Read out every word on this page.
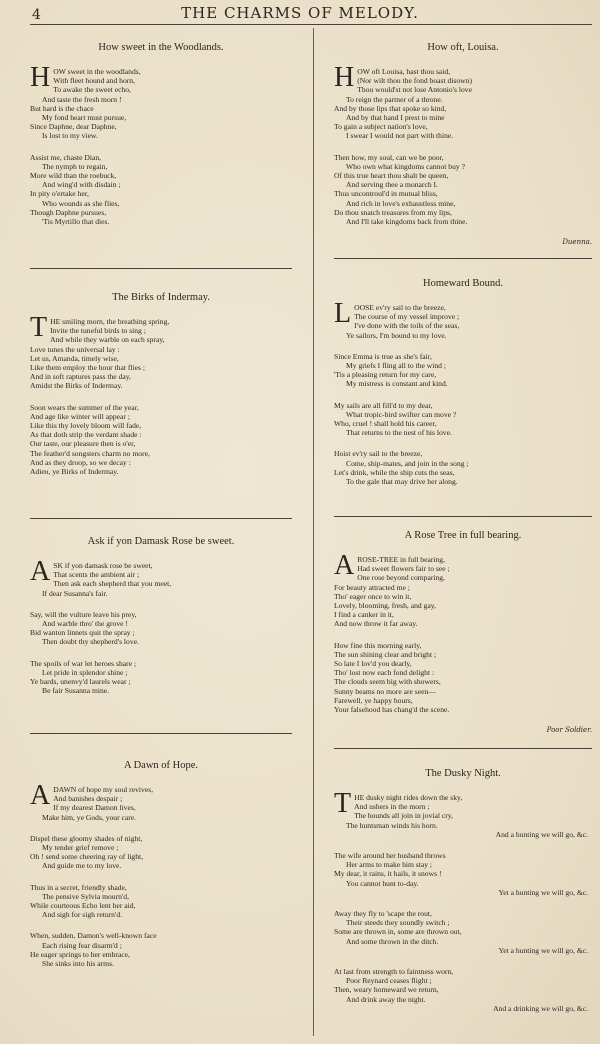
4	THE CHARMS OF MELODY.
How sweet in the Woodlands.
H OW sweet in the woodlands,
With fleet hound and horn,
To awake the sweet echo,
And taste the fresh morn !
But hard is the chace
My fond heart must pursue,
Since Daphne, dear Daphne,
Is lost to my view.
Assist me, chaste Dian,
The nymph to regain,
More wild than the roebuck,
And wing'd with disdain ;
In pity o'ertake her,
Who wounds as she flies,
Though Daphne pursues,
'Tis Myrtillo that dies.
The Birks of Indermay.
T HE smiling morn, the breathing spring,
Invite the tuneful birds to sing ;
And while they warble on each spray,
Love tunes the universal lay :
Let us, Amanda, timely wise,
Like them employ the hour that flies ;
And in soft raptures pass the day,
Amidst the Birks of Indermay.
Soon wears the summer of the year,
And age like winter will appear ;
Like this thy lovely bloom will fade,
As that doth strip the verdant shade :
Our taste, our pleasure then is o'er,
The feather'd songsters charm no more,
And as they droop, so we decay :
Adieu, ye Birks of Indermay.
Ask if yon Damask Rose be sweet.
A SK if yon damask rose be sweet,
That scents the ambient air ;
Then ask each shepherd that you meet,
If dear Susanna's fair.
Say, will the vulture leave his prey,
And warble thro' the grove !
Bid wanton linnets quit the spray ;
Then doubt thy shepherd's love.
The spoils of war let heroes share ;
Let pride in splendor shine ;
Ye bards, unenvy'd laurels wear ;
Be fair Susanna mine.
A Dawn of Hope.
A DAWN of hope my soul revives,
And banishes despair ;
If my dearest Damon lives,
Make him, ye Gods, your care.
Dispel these gloomy shades of night,
My tender grief remove ;
Oh ! send some cheering ray of light,
And guide me to my love.
Thus in a secret, friendly shade,
The pensive Sylvia mourn'd,
While courteous Echo lent her aid,
And sigh for sigh return'd.
When, sudden, Damon's well-known face
Each rising fear disarm'd ;
He eager springs to her embrace,
She sinks into his arms.
How oft, Louisa.
H OW oft Louisa, hast thou said,
(Nor wilt thou the fond boast disown)
Thou would'st not lose Antonio's love
To reign the partner of a throne.
And by those lips that spoke so kind,
And by that hand I prest to mine
To gain a subject nation's love,
I swear I would not part with thine.
Then how, my soul, can we be poor,
Who own what kingdoms cannot buy ?
Of this true heart thou shalt be queen,
And serving thee a monarch I.
Thus uncontroul'd in mutual bliss,
And rich in love's exhaustless mine,
Do thou snatch treasures from my lips,
And I'll take kingdoms back from thine.
Duenna.
Homeward Bound.
L OOSE ev'ry sail to the breeze,
The course of my vessel improve ;
I've done with the toils of the seas,
Ye sailors, I'm bound to my love.
Since Emma is true as she's fair,
My griefs I fling all to the wind ;
'Tis a pleasing return for my care,
My mistress is constant and kind.
My sails are all fill'd to my dear,
What tropic-bird swifter can move ?
Who, cruel ! shall hold his career,
That returns to the nest of his love.
Hoist ev'ry sail to the breeze,
Come, ship-mates, and join in the song ;
Let's drink, while the ship cuts the seas,
To the gale that may drive her along.
A Rose Tree in full bearing.
A ROSE-TREE in full bearing,
Had sweet flowers fair to see ;
One rose beyond comparing,
For beauty attracted me ;
Tho' eager once to win it,
Lovely, blooming, fresh, and gay,
I find a canker in it,
And now throw it far away.
How fine this morning early,
The sun shining clear and bright ;
So late I lov'd you dearly,
Tho' lost now each fond delight :
The clouds seem big with showers,
Sunny beams no more are seen—
Farewell, ye happy hours,
Your falsehood has chang'd the scene.
Poor Soldier.
The Dusky Night.
T HE dusky night rides down the sky,
And ushers in the morn ;
The hounds all join in jovial cry,
The huntsman winds his horn.
And a hunting we will go, &c.
The wife around her husband throws
Her arms to make him stay ;
My dear, it rains, it hails, it snows !
You cannot hunt to-day.
Yet a hunting we will go, &c.
Away they fly to 'scape the rout,
Their steeds they soundly switch ;
Some are thrown in, some are thrown out,
And some thrown in the ditch.
Yet a hunting we will go, &c.
At last from strength to faintness worn,
Poor Reynard ceases flight ;
Then, weary homeward we return,
And drink away the night.
And a drinking we will go, &c.
